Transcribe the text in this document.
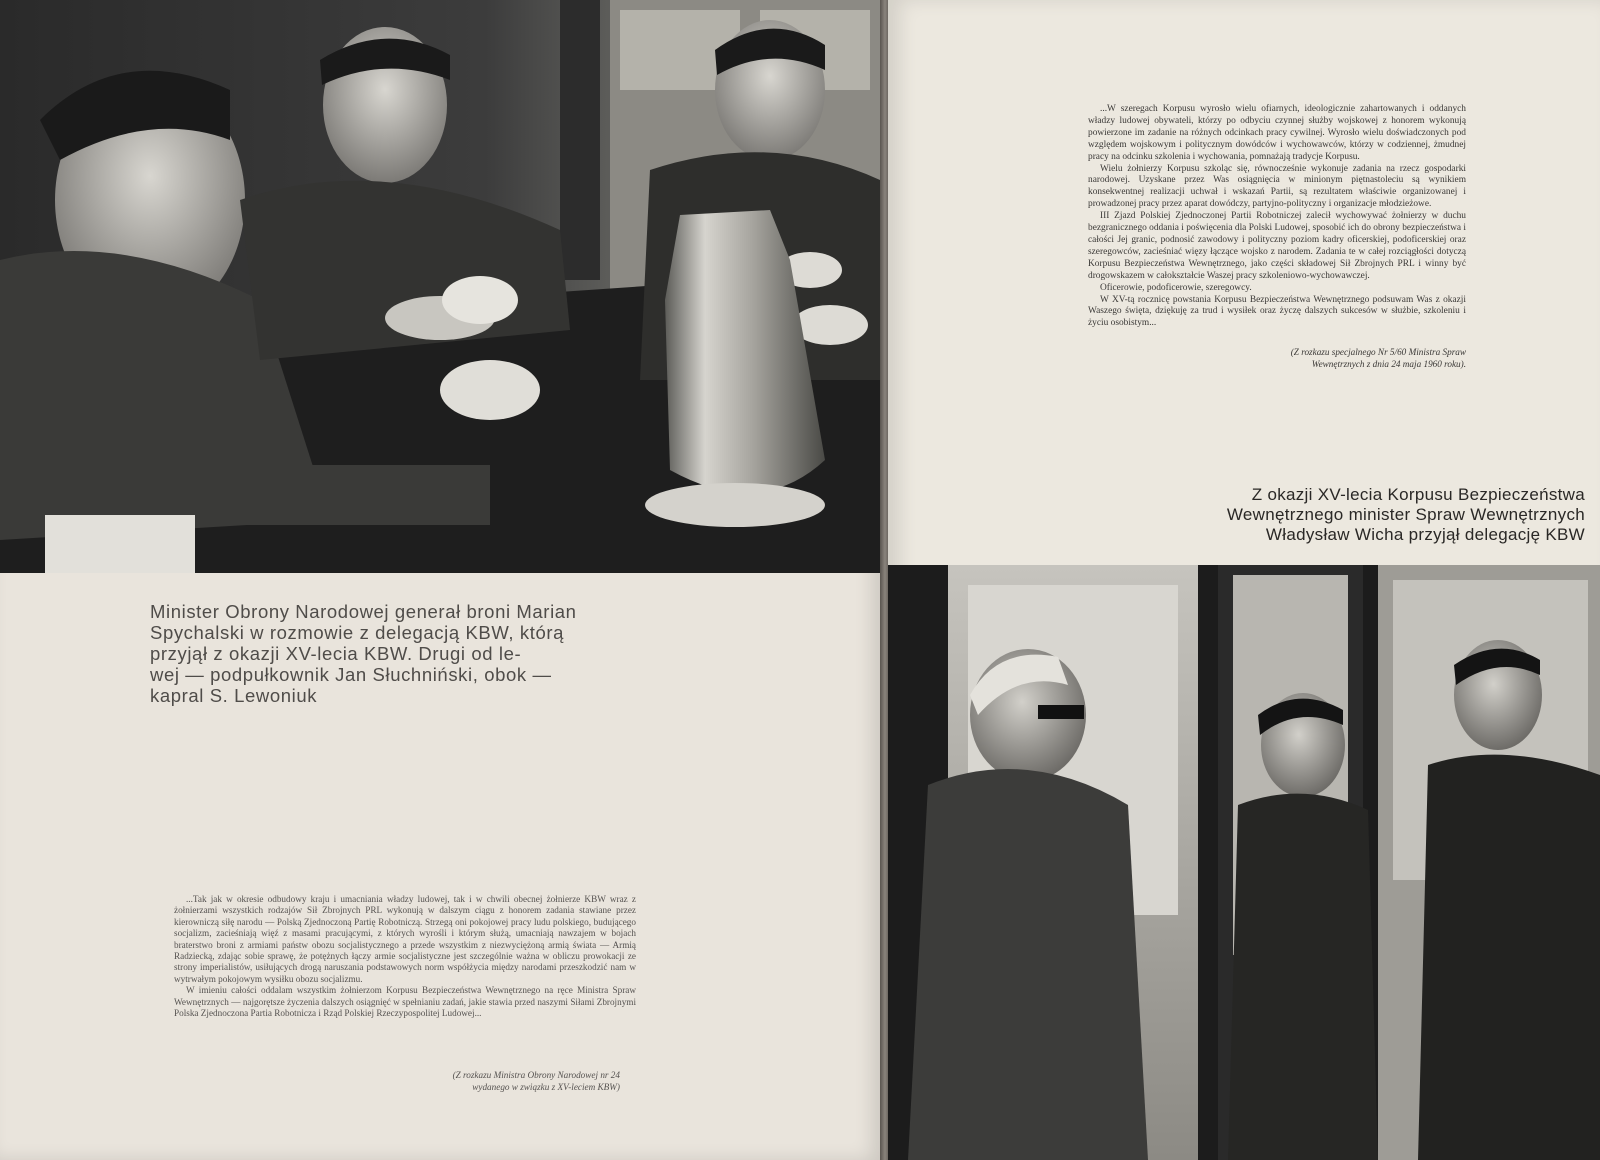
Minister Obrony Narodowej generał broni Marian
Spychalski w rozmowie z delegacją KBW, którą
przyjął z okazji XV-lecia KBW. Drugi od le-
wej — podpułkownik Jan Słuchniński, obok —
kapral S. Lewoniuk

...Tak jak w okresie odbudowy kraju i umacniania władzy ludowej, tak i w chwili obecnej żołnierze KBW wraz z żołnierzami wszystkich rodzajów Sił Zbrojnych PRL wykonują w dalszym ciągu z honorem zadania stawiane przez kierowniczą siłę narodu — Polską Zjednoczoną Partię Robotniczą. Strzegą oni pokojowej pracy ludu polskiego, budującego socjalizm, zacieśniają więź z masami pracującymi, z których wyrośli i którym służą, umacniają nawzajem w bojach braterstwo broni z armiami państw obozu socjalistycznego a przede wszystkim z niezwyciężoną armią świata — Armią Radziecką, zdając sobie sprawę, że potężnych łączy armie socjalistyczne jest szczególnie ważna w obliczu prowokacji ze strony imperialistów, usiłujących drogą naruszania podstawowych norm współżycia między narodami przeszkodzić nam w wytrwałym pokojowym wysiłku obozu socjalizmu.

W imieniu całości oddalam wszystkim żołnierzom Korpusu Bezpieczeństwa Wewnętrznego na ręce Ministra Spraw Wewnętrznych — najgorętsze życzenia dalszych osiągnięć w spełnianiu zadań, jakie stawia przed naszymi Siłami Zbrojnymi Polska Zjednoczona Partia Robotnicza i Rząd Polskiej Rzeczypospolitej Ludowej...

(Z rozkazu Ministra Obrony Narodowej nr 24
wydanego w związku z XV-leciem KBW)

...W szeregach Korpusu wyrosło wielu ofiarnych, ideologicznie zahartowanych i oddanych władzy ludowej obywateli, którzy po odbyciu czynnej służby wojskowej z honorem wykonują powierzone im zadanie na różnych odcinkach pracy cywilnej. Wyrosło wielu doświadczonych pod względem wojskowym i politycznym dowódców i wychowawców, którzy w codziennej, żmudnej pracy na odcinku szkolenia i wychowania, pomnażają tradycje Korpusu.

Wielu żołnierzy Korpusu szkoląc się, równocześnie wykonuje zadania na rzecz gospodarki narodowej. Uzyskane przez Was osiągnięcia w minionym piętnastoleciu są wynikiem konsekwentnej realizacji uchwał i wskazań Partii, są rezultatem właściwie organizowanej i prowadzonej pracy przez aparat dowódczy, partyjno-polityczny i organizacje młodzieżowe.

III Zjazd Polskiej Zjednoczonej Partii Robotniczej zalecił wychowywać żołnierzy w duchu bezgranicznego oddania i poświęcenia dla Polski Ludowej, sposobić ich do obrony bezpieczeństwa i całości Jej granic, podnosić zawodowy i polityczny poziom kadry oficerskiej, podoficerskiej oraz szeregowców, zacieśniać więzy łączące wojsko z narodem. Zadania te w całej rozciągłości dotyczą Korpusu Bezpieczeństwa Wewnętrznego, jako części składowej Sił Zbrojnych PRL i winny być drogowskazem w całokształcie Waszej pracy szkoleniowo-wychowawczej.

Oficerowie, podoficerowie, szeregowcy.

W XV-tą rocznicę powstania Korpusu Bezpieczeństwa Wewnętrznego podsuwam Was z okazji Waszego święta, dziękuję za trud i wysiłek oraz życzę dalszych sukcesów w służbie, szkoleniu i życiu osobistym...

(Z rozkazu specjalnego Nr 5/60 Ministra Spraw
Wewnętrznych z dnia 24 maja 1960 roku).
Z okazji XV-lecia Korpusu Bezpieczeństwa
Wewnętrznego minister Spraw Wewnętrznych
Władysław Wicha przyjął delegację KBW
